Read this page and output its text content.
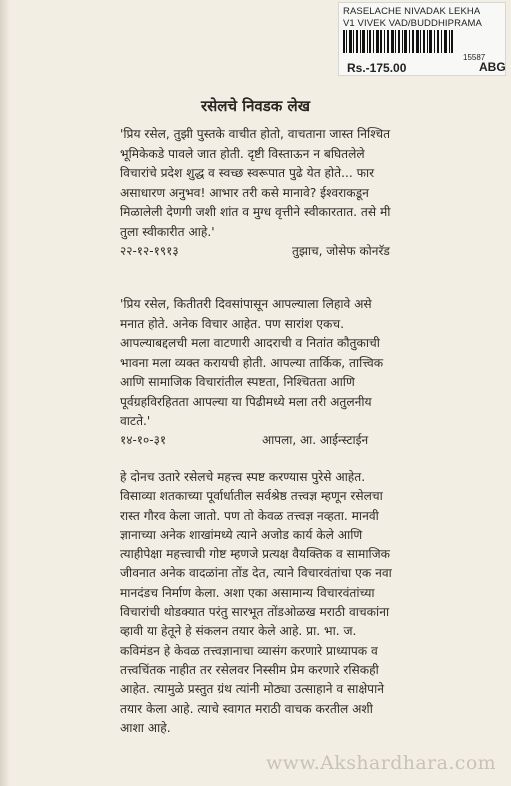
RASELACHE NIVADAK LEKHA
V1 VIVEK VAD/BUDDHIPRAMA
15587
Rs.-175.00	ABG
रसेलचे निवडक लेख
'प्रिय रसेल, तुझी पुस्तके वाचीत होतो, वाचताना जास्त निश्चित
भूमिकेकडे पावले जात होती. दृष्टी विस्ताऊन न बघितलेले
विचारांचे प्रदेश शुद्ध व स्वच्छ स्वरूपात पुढे येत होते... फार
असाधारण अनुभव! आभार तरी कसे मानावे? ईश्वराकडून
मिळालेली देणगी जशी शांत व मुग्ध वृत्तीने स्वीकारतात. तसे मी
तुला स्वीकारीत आहे.'
२२-१२-१९१३	तुझाच, जोसेफ कोनरॅड
'प्रिय रसेल, कितीतरी दिवसांपासून आपल्याला लिहावे असे
मनात होते. अनेक विचार आहेत. पण सारांश एकच.
आपल्याबद्दलची मला वाटणारी आदराची व नितांत कौतुकाची
भावना मला व्यक्त करायची होती. आपल्या तार्किक, तात्त्विक
आणि सामाजिक विचारांतील स्पष्टता, निश्चितता आणि
पूर्वग्रहविरहितता आपल्या या पिढीमध्ये मला तरी अतुलनीय
वाटते.'
१४-१०-३१	आपला, आ. आईन्स्टाईन
हे दोनच उतारे रसेलचे महत्त्व स्पष्ट करण्यास पुरेसे आहेत.
विसाव्या शतकाच्या पूर्वार्धातील सर्वश्रेष्ठ तत्त्वज्ञ म्हणून रसेलचा
रास्त गौरव केला जातो. पण तो केवळ तत्त्वज्ञ नव्हता. मानवी
ज्ञानाच्या अनेक शाखांमध्ये त्याने अजोड कार्य केले आणि
त्याहीपेक्षा महत्त्वाची गोष्ट म्हणजे प्रत्यक्ष वैयक्तिक व सामाजिक
जीवनात अनेक वादळांना तोंड देत, त्याने विचारवंतांचा एक नवा
मानदंडच निर्माण केला. अशा एका असामान्य विचारवंतांच्या
विचारांची थोडक्यात परंतु सारभूत तोंडओळख मराठी वाचकांना
व्हावी या हेतूने हे संकलन तयार केले आहे. प्रा. भा. ज.
कविमंडन हे केवळ तत्त्वज्ञानाचा व्यासंग करणारे प्राध्यापक व
तत्त्वचिंतक नाहीत तर रसेलवर निस्सीम प्रेम करणारे रसिकही
आहेत. त्यामुळे प्रस्तुत ग्रंथ त्यांनी मोठ्या उत्साहाने व साक्षेपाने
तयार केला आहे. त्याचे स्वागत मराठी वाचक करतील अशी
आशा आहे.
www.Akshardhara.com
